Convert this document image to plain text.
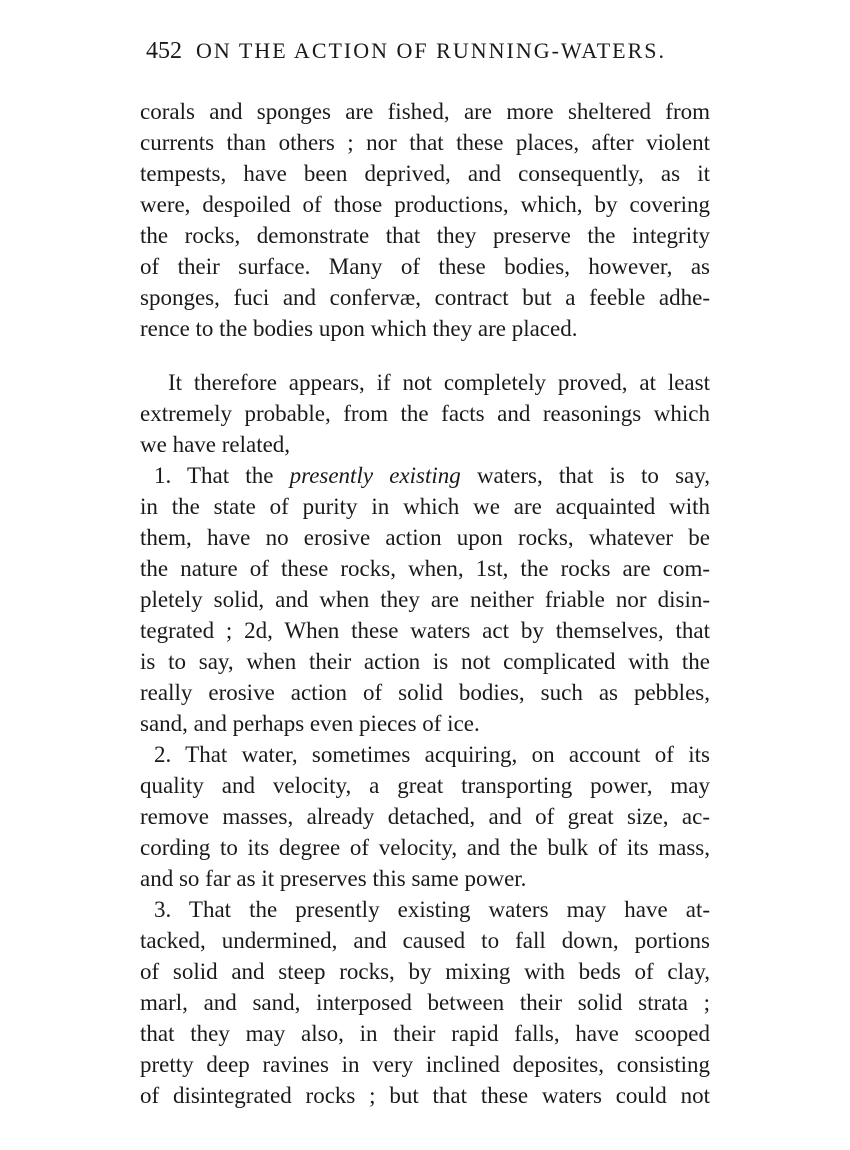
452 ON THE ACTION OF RUNNING-WATERS.
corals and sponges are fished, are more sheltered from
currents than others ; nor that these places, after violent
tempests, have been deprived, and consequently, as it
were, despoiled of those productions, which, by covering
the rocks, demonstrate that they preserve the integrity
of their surface. Many of these bodies, however, as
sponges, fuci and confervæ, contract but a feeble adhe-
rence to the bodies upon which they are placed.
It therefore appears, if not completely proved, at least
extremely probable, from the facts and reasonings which
we have related,
1. That the presently existing waters, that is to say,
in the state of purity in which we are acquainted with
them, have no erosive action upon rocks, whatever be
the nature of these rocks, when, 1st, the rocks are com-
pletely solid, and when they are neither friable nor disin-
tegrated ; 2d, When these waters act by themselves, that
is to say, when their action is not complicated with the
really erosive action of solid bodies, such as pebbles,
sand, and perhaps even pieces of ice.
2. That water, sometimes acquiring, on account of its
quality and velocity, a great transporting power, may
remove masses, already detached, and of great size, ac-
cording to its degree of velocity, and the bulk of its mass,
and so far as it preserves this same power.
3. That the presently existing waters may have at-
tacked, undermined, and caused to fall down, portions
of solid and steep rocks, by mixing with beds of clay,
marl, and sand, interposed between their solid strata ;
that they may also, in their rapid falls, have scooped
pretty deep ravines in very inclined deposites, consisting
of disintegrated rocks ; but that these waters could not
